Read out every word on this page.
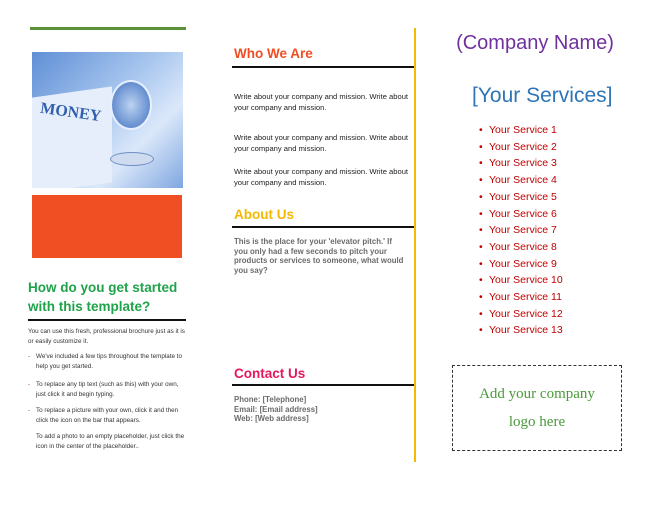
MONEY
How do you get started with this template?
You can use this fresh, professional brochure just as it is or easily customize it.
- We've included a few tips throughout the template to help you get started.
- To replace any tip text (such as this) with your own, just click it and begin typing.
- To replace a picture with your own, click it and then click the icon on the bar that appears.
To add a photo to an empty placeholder, just click the icon in the center of the placeholder..
Who We Are
Write about your company and mission. Write about your company and mission.
Write about your company and mission. Write about your company and mission.
Write about your company and mission. Write about your company and mission.
About Us
This is the place for your 'elevator pitch.' If you only had a few seconds to pitch your products or services to someone, what would you say?
Contact Us
Phone: [Telephone]
Email: [Email address]
Web: [Web address]
(Company Name)
[Your Services]
• Your Service 1
• Your Service 2
• Your Service 3
• Your Service 4
• Your Service 5
• Your Service 6
• Your Service 7
• Your Service 8
• Your Service 9
• Your Service 10
• Your Service 11
• Your Service 12
• Your Service 13
Add your company logo here
